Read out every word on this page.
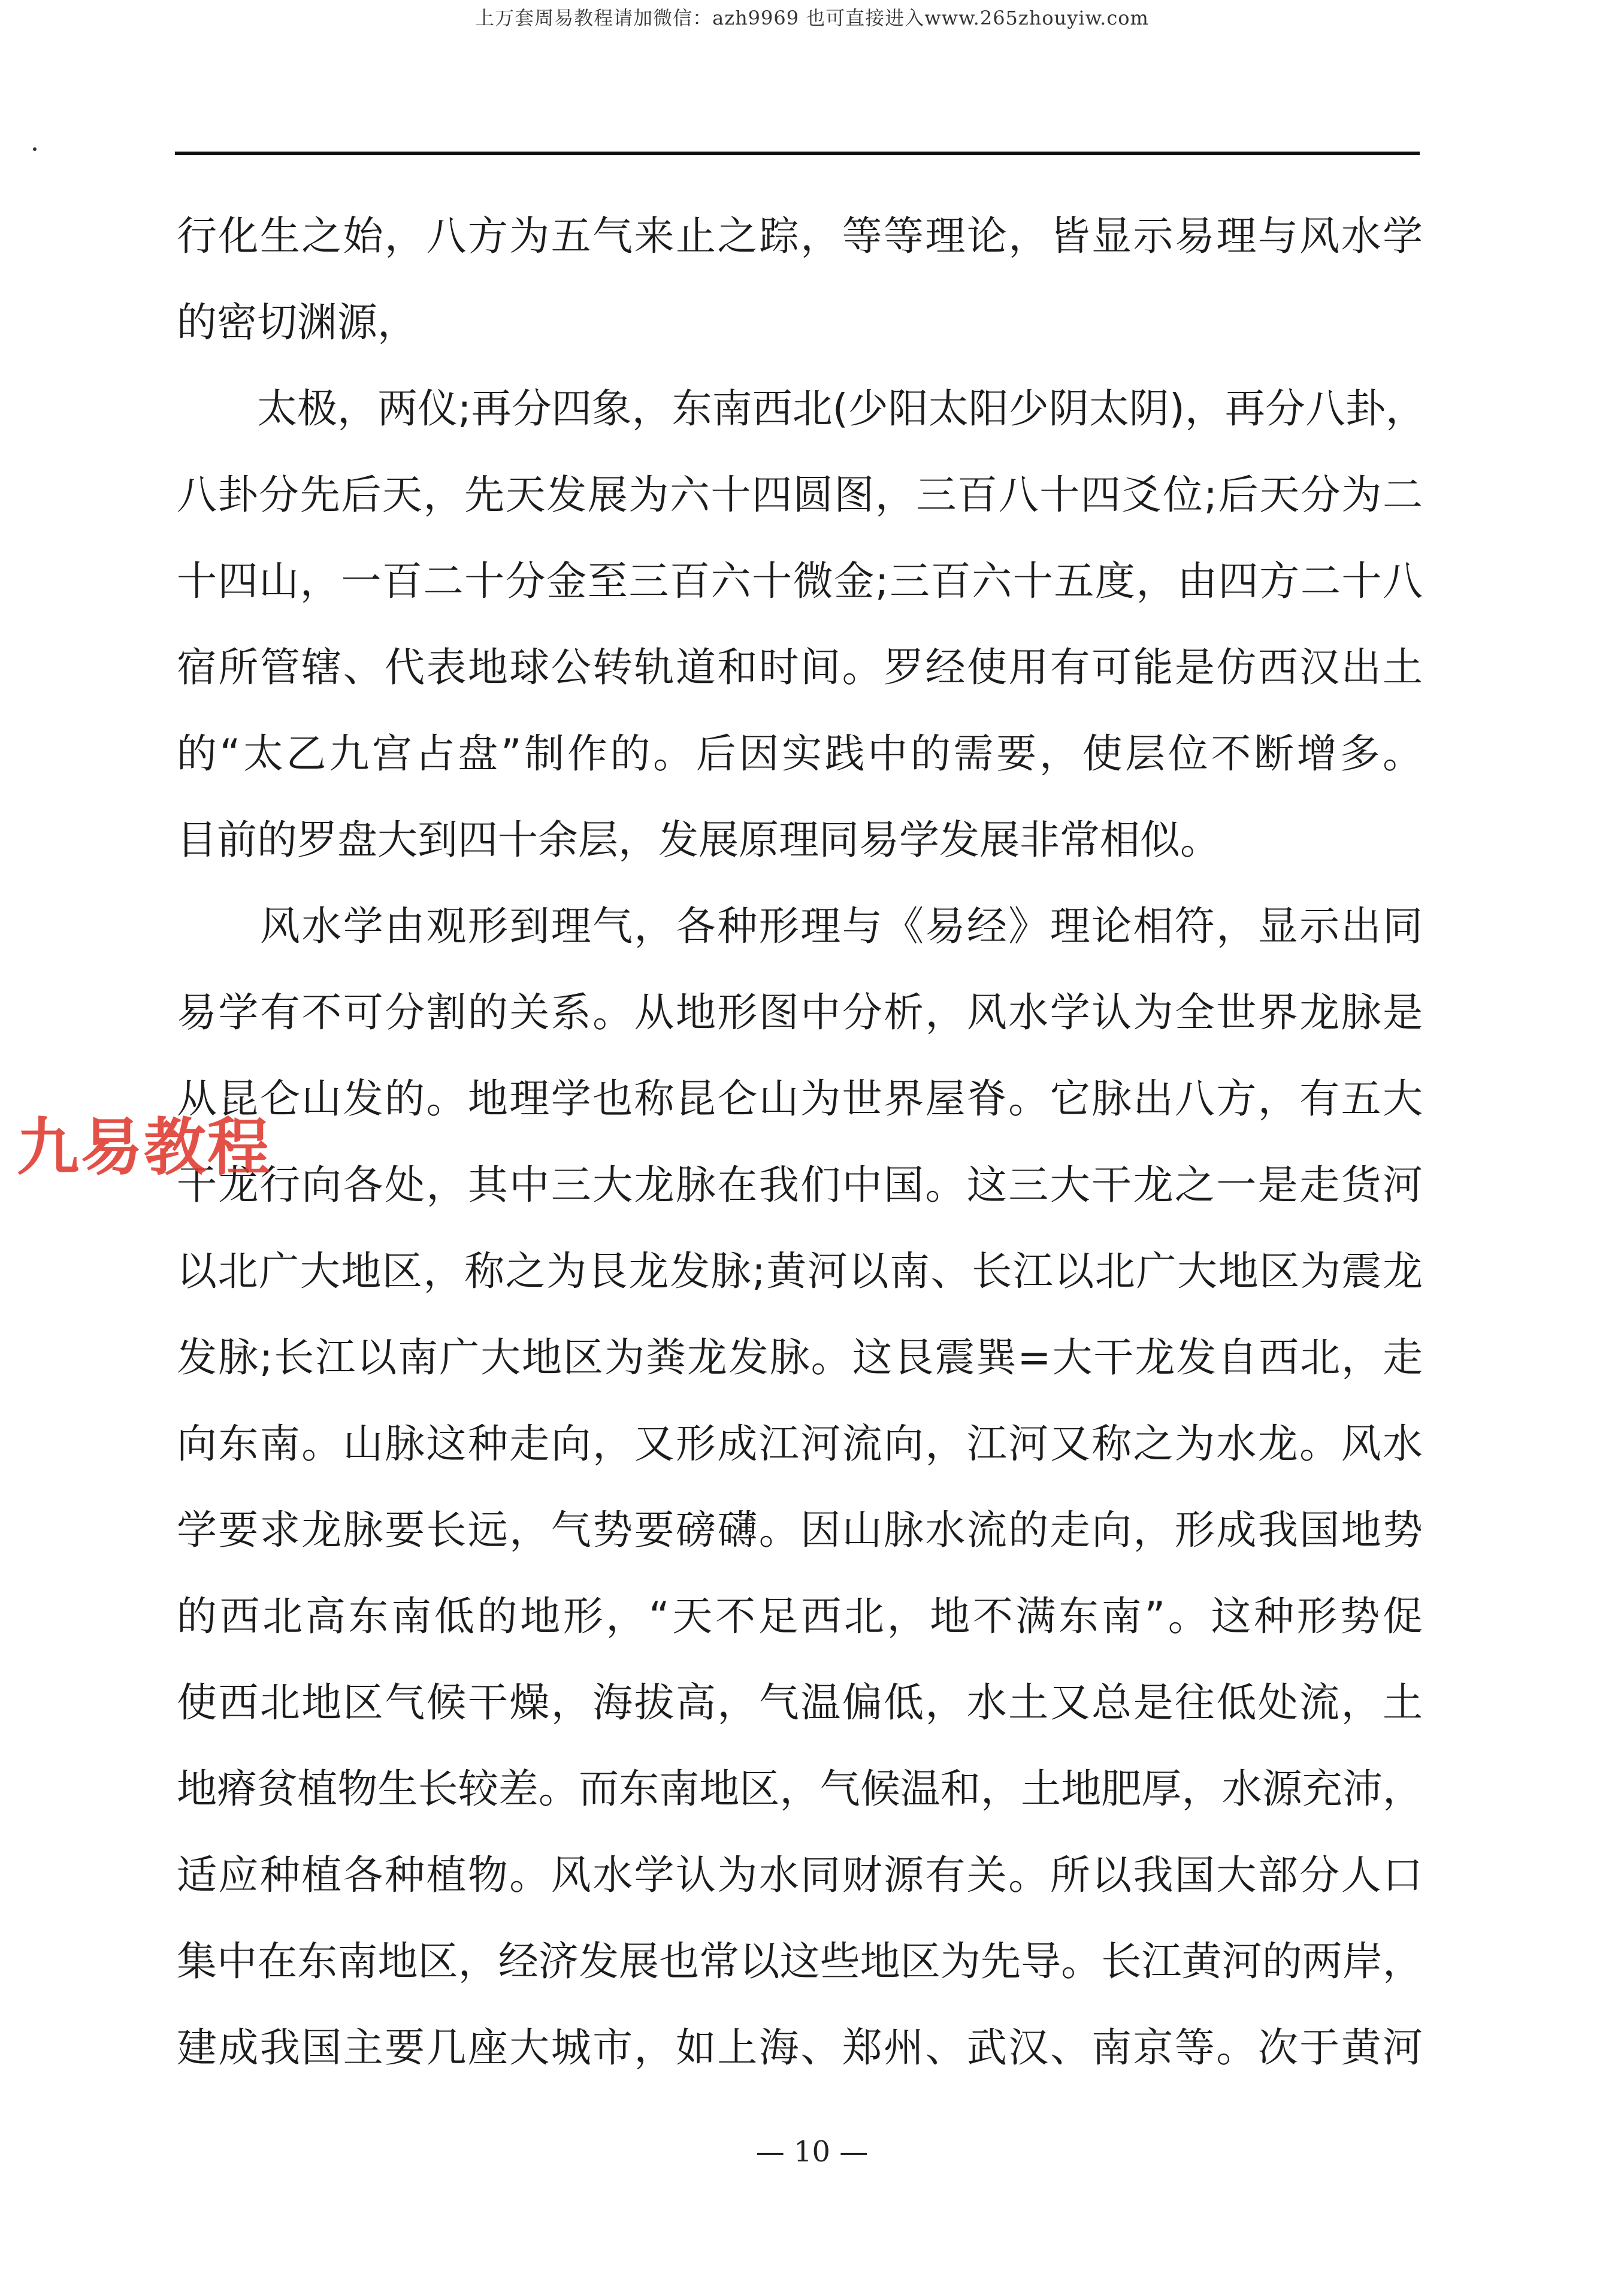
上万套周易教程请加微信：azh9969 也可直接进入www.265zhouyiw.com
行化生之始，八方为五气来止之踪，等等理论，皆显示易理与风水学
的密切渊源，
　　太极，两仪;再分四象，东南西北(少阳太阳少阴太阴)，再分八卦，
八卦分先后天，先天发展为六十四圆图，三百八十四爻位;后天分为二
十四山，一百二十分金至三百六十微金;三百六十五度，由四方二十八
宿所管辖、代表地球公转轨道和时间。罗经使用有可能是仿西汉出土
的“太乙九宫占盘”制作的。后因实践中的需要，使层位不断增多。
目前的罗盘大到四十余层，发展原理同易学发展非常相似。
　　风水学由观形到理气，各种形理与《易经》理论相符，显示出同
易学有不可分割的关系。从地形图中分析，风水学认为全世界龙脉是
从昆仑山发的。地理学也称昆仑山为世界屋脊。它脉出八方，有五大
干龙行向各处，其中三大龙脉在我们中国。这三大干龙之一是走货河
以北广大地区，称之为艮龙发脉;黄河以南、长江以北广大地区为震龙
发脉;长江以南广大地区为粪龙发脉。这艮震巽=大干龙发自西北，走
向东南。山脉这种走向，又形成江河流向，江河又称之为水龙。风水
学要求龙脉要长远，气势要磅礴。因山脉水流的走向，形成我国地势
的西北高东南低的地形，“天不足西北，地不满东南”。这种形势促
使西北地区气候干燥，海拔高，气温偏低，水土又总是往低处流，土
地瘠贫植物生长较差。而东南地区，气候温和，土地肥厚，水源充沛，
适应种植各种植物。风水学认为水同财源有关。所以我国大部分人口
集中在东南地区，经济发展也常以这些地区为先导。长江黄河的两岸，
建成我国主要几座大城市，如上海、郑州、武汉、南京等。次于黄河
九易教程
— 10 —
